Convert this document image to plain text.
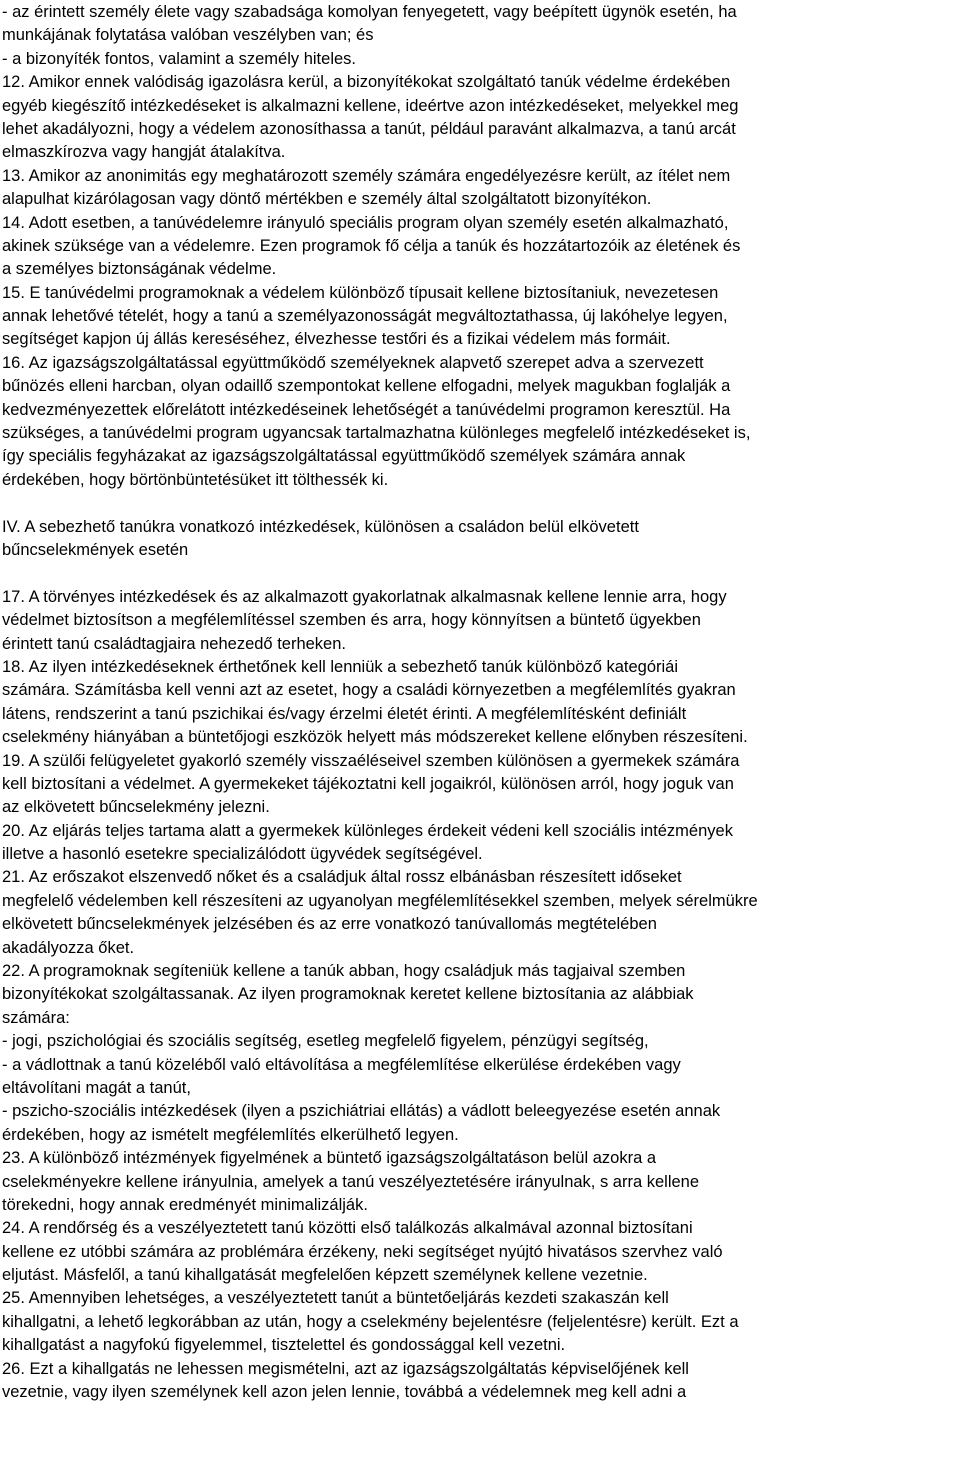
- az érintett személy élete vagy szabadsága komolyan fenyegetett, vagy beépített ügynök esetén, ha
munkájának folytatása valóban veszélyben van; és
- a bizonyíték fontos, valamint a személy hiteles.
12. Amikor ennek valódiság igazolásra kerül, a bizonyítékokat szolgáltató tanúk védelme érdekében
egyéb kiegészítő intézkedéseket is alkalmazni kellene, ideértve azon intézkedéseket, melyekkel meg
lehet akadályozni, hogy a védelem azonosíthassa a tanút, például paravánt alkalmazva, a tanú arcát
elmaszkírozva vagy hangját átalakítva.
13. Amikor az anonimitás egy meghatározott személy számára engedélyezésre került, az ítélet nem
alapulhat kizárólagosan vagy döntő mértékben e személy által szolgáltatott bizonyítékon.
14. Adott esetben, a tanúvédelemre irányuló speciális program olyan személy esetén alkalmazható,
akinek szüksége van a védelemre. Ezen programok fő célja a tanúk és hozzátartozóik az életének és
a személyes biztonságának védelme.
15. E tanúvédelmi programoknak a védelem különböző típusait kellene biztosítaniuk, nevezetesen
annak lehetővé tételét, hogy a tanú a személyazonosságát megváltoztathassa, új lakóhelye legyen,
segítséget kapjon új állás kereséséhez, élvezhesse testőri és a fizikai védelem más formáit.
16. Az igazságszolgáltatással együttműködő személyeknek alapvető szerepet adva a szervezett
bűnözés elleni harcban, olyan odaillő szempontokat kellene elfogadni, melyek magukban foglalják a
kedvezményezettek előrelátott intézkedéseinek lehetőségét a tanúvédelmi programon keresztül. Ha
szükséges, a tanúvédelmi program ugyancsak tartalmazhatna különleges megfelelő intézkedéseket is,
így speciális fegyházakat az igazságszolgáltatással együttműködő személyek számára annak
érdekében, hogy börtönbüntetésüket itt tölthessék ki.
IV. A sebezhető tanúkra vonatkozó intézkedések, különösen a családon belül elkövetett
bűncselekmények esetén
17. A törvényes intézkedések és az alkalmazott gyakorlatnak alkalmasnak kellene lennie arra, hogy
védelmet biztosítson a megfélemlítéssel szemben és arra, hogy könnyítsen a büntető ügyekben
érintett tanú családtagjaira nehezedő terheken.
18. Az ilyen intézkedéseknek érthetőnek kell lenniük a sebezhető tanúk különböző kategóriái
számára. Számításba kell venni azt az esetet, hogy a családi környezetben a megfélemlítés gyakran
látens, rendszerint a tanú pszichikai és/vagy érzelmi életét érinti. A megfélemlítésként definiált
cselekmény hiányában a büntetőjogi eszközök helyett más módszereket kellene előnyben részesíteni.
19. A szülői felügyeletet gyakorló személy visszaéléseivel szemben különösen a gyermekek számára
kell biztosítani a védelmet. A gyermekeket tájékoztatni kell jogaikról, különösen arról, hogy joguk van
az elkövetett bűncselekmény jelezni.
20. Az eljárás teljes tartama alatt a gyermekek különleges érdekeit védeni kell szociális intézmények
illetve a hasonló esetekre specializálódott ügyvédek segítségével.
21. Az erőszakot elszenvedő nőket és a családjuk által rossz elbánásban részesített időseket
megfelelő védelemben kell részesíteni az ugyanolyan megfélemlítésekkel szemben, melyek sérelmükre
elkövetett bűncselekmények jelzésében és az erre vonatkozó tanúvallomás megtételében
akadályozza őket.
22. A programoknak segíteniük kellene a tanúk abban, hogy családjuk más tagjaival szemben
bizonyítékokat szolgáltassanak. Az ilyen programoknak keretet kellene biztosítania az alábbiak
számára:
- jogi, pszichológiai és szociális segítség, esetleg megfelelő figyelem, pénzügyi segítség,
- a vádlottnak a tanú közeléből való eltávolítása a megfélemlítése elkerülése érdekében vagy
eltávolítani magát a tanút,
- pszicho-szociális intézkedések (ilyen a pszichiátriai ellátás) a vádlott beleegyezése esetén annak
érdekében, hogy az ismételt megfélemlítés elkerülhető legyen.
23. A különböző intézmények figyelmének a büntető igazságszolgáltatáson belül azokra a
cselekményekre kellene irányulnia, amelyek a tanú veszélyeztetésére irányulnak, s arra kellene
törekedni, hogy annak eredményét minimalizálják.
24. A rendőrség és a veszélyeztetett tanú közötti első találkozás alkalmával azonnal biztosítani
kellene ez utóbbi számára az problémára érzékeny, neki segítséget nyújtó hivatásos szervhez való
eljutást. Másfelől, a tanú kihallgatását megfelelően képzett személynek kellene vezetnie.
25. Amennyiben lehetséges, a veszélyeztetett tanút a büntetőeljárás kezdeti szakaszán kell
kihallgatni, a lehető legkorábban az után, hogy a cselekmény bejelentésre (feljelentésre) került. Ezt a
kihallgatást a nagyfokú figyelemmel, tisztelettel és gondossággal kell vezetni.
26. Ezt a kihallgatás ne lehessen megismételni, azt az igazságszolgáltatás képviselőjének kell
vezetnie, vagy ilyen személynek kell azon jelen lennie, továbbá a védelemnek meg kell adni a
